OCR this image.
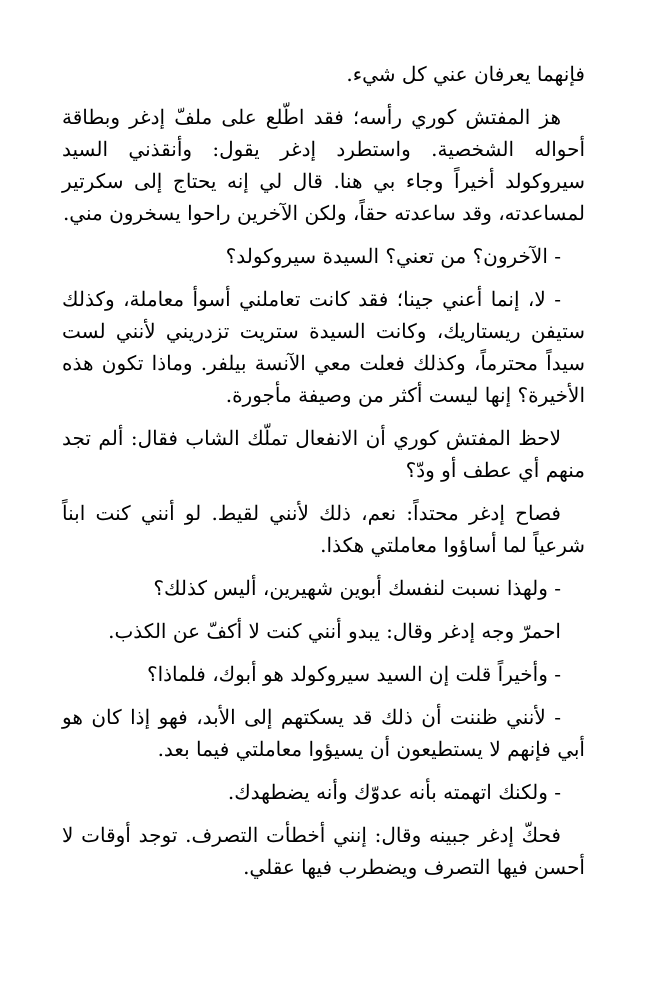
فإنهما يعرفان عني كل شيء.

هز المفتش كوري رأسه؛ فقد اطّلع على ملفّ إدغر وبطاقة أحواله الشخصية. واستطرد إدغر يقول: وأنقذني السيد سيروكولد أخيراً وجاء بي هنا. قال لي إنه يحتاج إلى سكرتير لمساعدته، وقد ساعدته حقاً، ولكن الآخرين راحوا يسخرون مني.

- الآخرون؟ من تعني؟ السيدة سيروكولد؟

- لا، إنما أعني جينا؛ فقد كانت تعاملني أسوأ معاملة، وكذلك ستيفن ريستاريك، وكانت السيدة ستريت تزدريني لأنني لست سيداً محترماً، وكذلك فعلت معي الآنسة بيلفر. وماذا تكون هذه الأخيرة؟ إنها ليست أكثر من وصيفة مأجورة.

لاحظ المفتش كوري أن الانفعال تملّك الشاب فقال: ألم تجد منهم أي عطف أو ودّ؟

فصاح إدغر محتداً: نعم، ذلك لأنني لقيط. لو أنني كنت ابناً شرعياً لما أساؤوا معاملتي هكذا.

- ولهذا نسبت لنفسك أبوين شهيرين، أليس كذلك؟

احمرّ وجه إدغر وقال: يبدو أنني كنت لا أكفّ عن الكذب.

- وأخيراً قلت إن السيد سيروكولد هو أبوك، فلماذا؟

- لأنني ظننت أن ذلك قد يسكتهم إلى الأبد، فهو إذا كان هو أبي فإنهم لا يستطيعون أن يسيؤوا معاملتي فيما بعد.

- ولكنك اتهمته بأنه عدوّك وأنه يضطهدك.

فحكّ إدغر جبينه وقال: إنني أخطأت التصرف. توجد أوقات لا أحسن فيها التصرف ويضطرب فيها عقلي.
